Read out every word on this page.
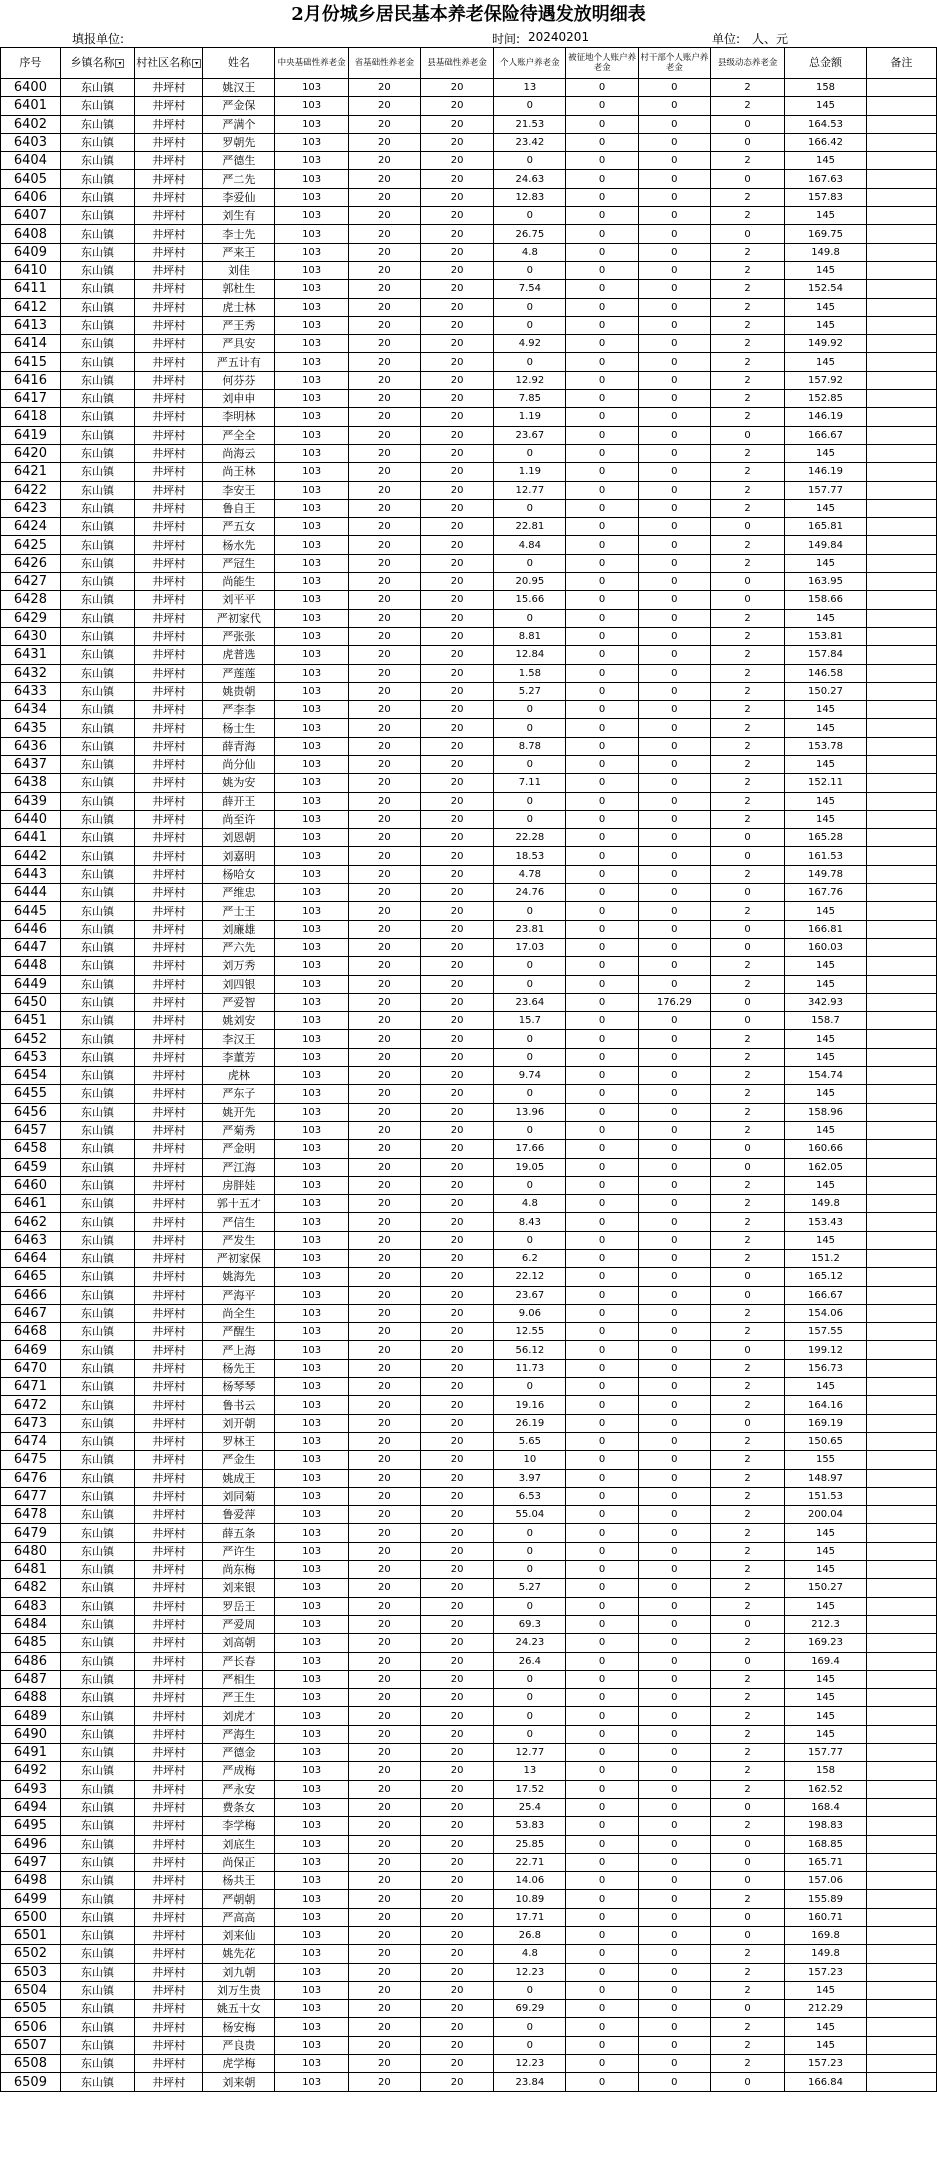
2月份城乡居民基本养老保险待遇发放明细表
填报单位:	时间: 20240201	单位: 人、元
序号	乡镇名称 ▾	村社区名称 ▾	姓名	中央基础性养老金	省基础性养老金	县基础性养老金	个人账户养老金	被征地个人账户养老金	村干部个人账户养老金	县级动态养老金	总金额	备注
6400	东山镇	井坪村	姚汉王	103	20	20	13	0	0	2	158	
6401	东山镇	井坪村	严金保	103	20	20	0	0	0	2	145	
6402	东山镇	井坪村	严满个	103	20	20	21.53	0	0	0	164.53	
6403	东山镇	井坪村	罗朝先	103	20	20	23.42	0	0	0	166.42	
6404	东山镇	井坪村	严德生	103	20	20	0	0	0	2	145	
6405	东山镇	井坪村	严二先	103	20	20	24.63	0	0	0	167.63	
6406	东山镇	井坪村	李爱仙	103	20	20	12.83	0	0	2	157.83	
6407	东山镇	井坪村	刘生有	103	20	20	0	0	0	2	145	
6408	东山镇	井坪村	李士先	103	20	20	26.75	0	0	0	169.75	
6409	东山镇	井坪村	严来王	103	20	20	4.8	0	0	2	149.8	
6410	东山镇	井坪村	刘佳	103	20	20	0	0	0	2	145	
6411	东山镇	井坪村	郭杜生	103	20	20	7.54	0	0	2	152.54	
6412	东山镇	井坪村	虎士林	103	20	20	0	0	0	2	145	
6413	东山镇	井坪村	严王秀	103	20	20	0	0	0	2	145	
6414	东山镇	井坪村	严具安	103	20	20	4.92	0	0	2	149.92	
6415	东山镇	井坪村	严五计有	103	20	20	0	0	0	2	145	
6416	东山镇	井坪村	何芬芬	103	20	20	12.92	0	0	2	157.92	
6417	东山镇	井坪村	刘申申	103	20	20	7.85	0	0	2	152.85	
6418	东山镇	井坪村	李明林	103	20	20	1.19	0	0	2	146.19	
6419	东山镇	井坪村	严全全	103	20	20	23.67	0	0	0	166.67	
6420	东山镇	井坪村	尚海云	103	20	20	0	0	0	2	145	
6421	东山镇	井坪村	尚王林	103	20	20	1.19	0	0	2	146.19	
6422	东山镇	井坪村	李安王	103	20	20	12.77	0	0	2	157.77	
6423	东山镇	井坪村	鲁自王	103	20	20	0	0	0	2	145	
6424	东山镇	井坪村	严五女	103	20	20	22.81	0	0	0	165.81	
6425	东山镇	井坪村	杨水先	103	20	20	4.84	0	0	2	149.84	
6426	东山镇	井坪村	严冠生	103	20	20	0	0	0	2	145	
6427	东山镇	井坪村	尚能生	103	20	20	20.95	0	0	0	163.95	
6428	东山镇	井坪村	刘平平	103	20	20	15.66	0	0	0	158.66	
6429	东山镇	井坪村	严初家代	103	20	20	0	0	0	2	145	
6430	东山镇	井坪村	严张张	103	20	20	8.81	0	0	2	153.81	
6431	东山镇	井坪村	虎普选	103	20	20	12.84	0	0	2	157.84	
6432	东山镇	井坪村	严莲莲	103	20	20	1.58	0	0	2	146.58	
6433	东山镇	井坪村	姚贵朝	103	20	20	5.27	0	0	2	150.27	
6434	东山镇	井坪村	严李李	103	20	20	0	0	0	2	145	
6435	东山镇	井坪村	杨士生	103	20	20	0	0	0	2	145	
6436	东山镇	井坪村	薛青海	103	20	20	8.78	0	0	2	153.78	
6437	东山镇	井坪村	尚分仙	103	20	20	0	0	0	2	145	
6438	东山镇	井坪村	姚为安	103	20	20	7.11	0	0	2	152.11	
6439	东山镇	井坪村	薛开王	103	20	20	0	0	0	2	145	
6440	东山镇	井坪村	尚至许	103	20	20	0	0	0	2	145	
6441	东山镇	井坪村	刘恩朝	103	20	20	22.28	0	0	0	165.28	
6442	东山镇	井坪村	刘嘉明	103	20	20	18.53	0	0	0	161.53	
6443	东山镇	井坪村	杨哈女	103	20	20	4.78	0	0	2	149.78	
6444	东山镇	井坪村	严维忠	103	20	20	24.76	0	0	0	167.76	
6445	东山镇	井坪村	严士王	103	20	20	0	0	0	2	145	
6446	东山镇	井坪村	刘廉雄	103	20	20	23.81	0	0	0	166.81	
6447	东山镇	井坪村	严六先	103	20	20	17.03	0	0	0	160.03	
6448	东山镇	井坪村	刘万秀	103	20	20	0	0	0	2	145	
6449	东山镇	井坪村	刘四银	103	20	20	0	0	0	2	145	
6450	东山镇	井坪村	严爱智	103	20	20	23.64	0	176.29	0	342.93	
6451	东山镇	井坪村	姚刘安	103	20	20	15.7	0	0	0	158.7	
6452	东山镇	井坪村	李汉王	103	20	20	0	0	0	2	145	
6453	东山镇	井坪村	李董芳	103	20	20	0	0	0	2	145	
6454	东山镇	井坪村	虎林	103	20	20	9.74	0	0	2	154.74	
6455	东山镇	井坪村	严东子	103	20	20	0	0	0	2	145	
6456	东山镇	井坪村	姚开先	103	20	20	13.96	0	0	2	158.96	
6457	东山镇	井坪村	严菊秀	103	20	20	0	0	0	2	145	
6458	东山镇	井坪村	严金明	103	20	20	17.66	0	0	0	160.66	
6459	东山镇	井坪村	严江海	103	20	20	19.05	0	0	0	162.05	
6460	东山镇	井坪村	房胖娃	103	20	20	0	0	0	2	145	
6461	东山镇	井坪村	郭十五才	103	20	20	4.8	0	0	2	149.8	
6462	东山镇	井坪村	严信生	103	20	20	8.43	0	0	2	153.43	
6463	东山镇	井坪村	严发生	103	20	20	0	0	0	2	145	
6464	东山镇	井坪村	严初家保	103	20	20	6.2	0	0	2	151.2	
6465	东山镇	井坪村	姚海先	103	20	20	22.12	0	0	0	165.12	
6466	东山镇	井坪村	严海平	103	20	20	23.67	0	0	0	166.67	
6467	东山镇	井坪村	尚全生	103	20	20	9.06	0	0	2	154.06	
6468	东山镇	井坪村	严醒生	103	20	20	12.55	0	0	2	157.55	
6469	东山镇	井坪村	严上海	103	20	20	56.12	0	0	0	199.12	
6470	东山镇	井坪村	杨先王	103	20	20	11.73	0	0	2	156.73	
6471	东山镇	井坪村	杨琴琴	103	20	20	0	0	0	2	145	
6472	东山镇	井坪村	鲁书云	103	20	20	19.16	0	0	2	164.16	
6473	东山镇	井坪村	刘开朝	103	20	20	26.19	0	0	0	169.19	
6474	东山镇	井坪村	罗林王	103	20	20	5.65	0	0	2	150.65	
6475	东山镇	井坪村	严金生	103	20	20	10	0	0	2	155	
6476	东山镇	井坪村	姚成王	103	20	20	3.97	0	0	2	148.97	
6477	东山镇	井坪村	刘同菊	103	20	20	6.53	0	0	2	151.53	
6478	东山镇	井坪村	鲁爱萍	103	20	20	55.04	0	0	2	200.04	
6479	东山镇	井坪村	薛五条	103	20	20	0	0	0	2	145	
6480	东山镇	井坪村	严许生	103	20	20	0	0	0	2	145	
6481	东山镇	井坪村	尚东梅	103	20	20	0	0	0	2	145	
6482	东山镇	井坪村	刘来银	103	20	20	5.27	0	0	2	150.27	
6483	东山镇	井坪村	罗岳王	103	20	20	0	0	0	2	145	
6484	东山镇	井坪村	严爱周	103	20	20	69.3	0	0	0	212.3	
6485	东山镇	井坪村	刘高朝	103	20	20	24.23	0	0	2	169.23	
6486	东山镇	井坪村	严长春	103	20	20	26.4	0	0	0	169.4	
6487	东山镇	井坪村	严相生	103	20	20	0	0	0	2	145	
6488	东山镇	井坪村	严王生	103	20	20	0	0	0	2	145	
6489	东山镇	井坪村	刘虎才	103	20	20	0	0	0	2	145	
6490	东山镇	井坪村	严海生	103	20	20	0	0	0	2	145	
6491	东山镇	井坪村	严德金	103	20	20	12.77	0	0	2	157.77	
6492	东山镇	井坪村	严成梅	103	20	20	13	0	0	2	158	
6493	东山镇	井坪村	严永安	103	20	20	17.52	0	0	2	162.52	
6494	东山镇	井坪村	费条女	103	20	20	25.4	0	0	0	168.4	
6495	东山镇	井坪村	李学梅	103	20	20	53.83	0	0	2	198.83	
6496	东山镇	井坪村	刘底生	103	20	20	25.85	0	0	0	168.85	
6497	东山镇	井坪村	尚保正	103	20	20	22.71	0	0	0	165.71	
6498	东山镇	井坪村	杨共王	103	20	20	14.06	0	0	0	157.06	
6499	东山镇	井坪村	严朝朝	103	20	20	10.89	0	0	2	155.89	
6500	东山镇	井坪村	严高高	103	20	20	17.71	0	0	0	160.71	
6501	东山镇	井坪村	刘来仙	103	20	20	26.8	0	0	0	169.8	
6502	东山镇	井坪村	姚先花	103	20	20	4.8	0	0	2	149.8	
6503	东山镇	井坪村	刘九朝	103	20	20	12.23	0	0	2	157.23	
6504	东山镇	井坪村	刘万生贵	103	20	20	0	0	0	2	145	
6505	东山镇	井坪村	姚五十女	103	20	20	69.29	0	0	0	212.29	
6506	东山镇	井坪村	杨安梅	103	20	20	0	0	0	2	145	
6507	东山镇	井坪村	严良贵	103	20	20	0	0	0	2	145	
6508	东山镇	井坪村	虎学梅	103	20	20	12.23	0	0	2	157.23	
6509	东山镇	井坪村	刘来朝	103	20	20	23.84	0	0	0	166.84	
